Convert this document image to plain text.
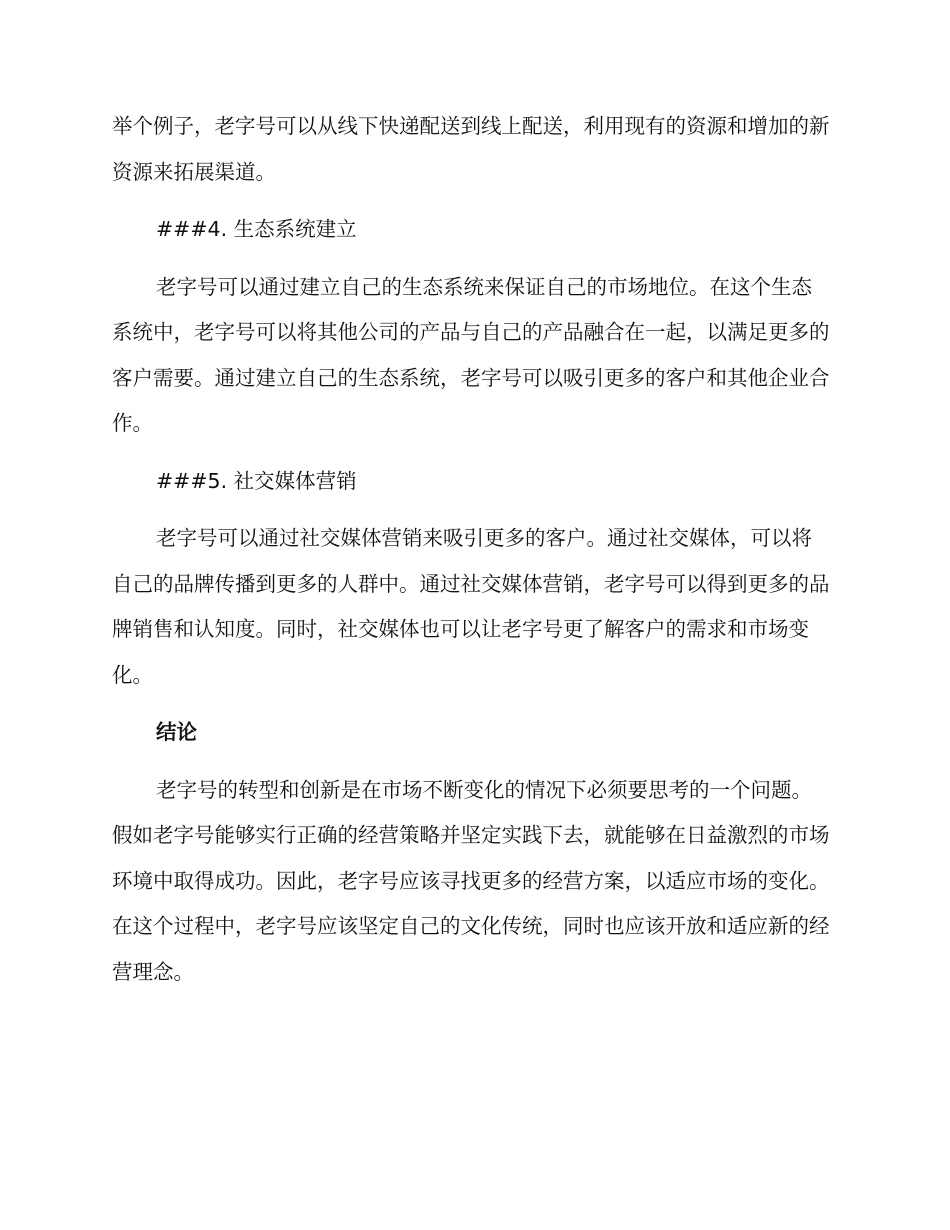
举个例子，老字号可以从线下快递配送到线上配送，利用现有的资源和增加的新资源来拓展渠道。

###4. 生态系统建立

老字号可以通过建立自己的生态系统来保证自己的市场地位。在这个生态系统中，老字号可以将其他公司的产品与自己的产品融合在一起，以满足更多的客户需要。通过建立自己的生态系统，老字号可以吸引更多的客户和其他企业合作。

###5. 社交媒体营销

老字号可以通过社交媒体营销来吸引更多的客户。通过社交媒体，可以将自己的品牌传播到更多的人群中。通过社交媒体营销，老字号可以得到更多的品牌销售和认知度。同时，社交媒体也可以让老字号更了解客户的需求和市场变化。

结论

老字号的转型和创新是在市场不断变化的情况下必须要思考的一个问题。假如老字号能够实行正确的经营策略并坚定实践下去，就能够在日益激烈的市场环境中取得成功。因此，老字号应该寻找更多的经营方案，以适应市场的变化。在这个过程中，老字号应该坚定自己的文化传统，同时也应该开放和适应新的经营理念。
